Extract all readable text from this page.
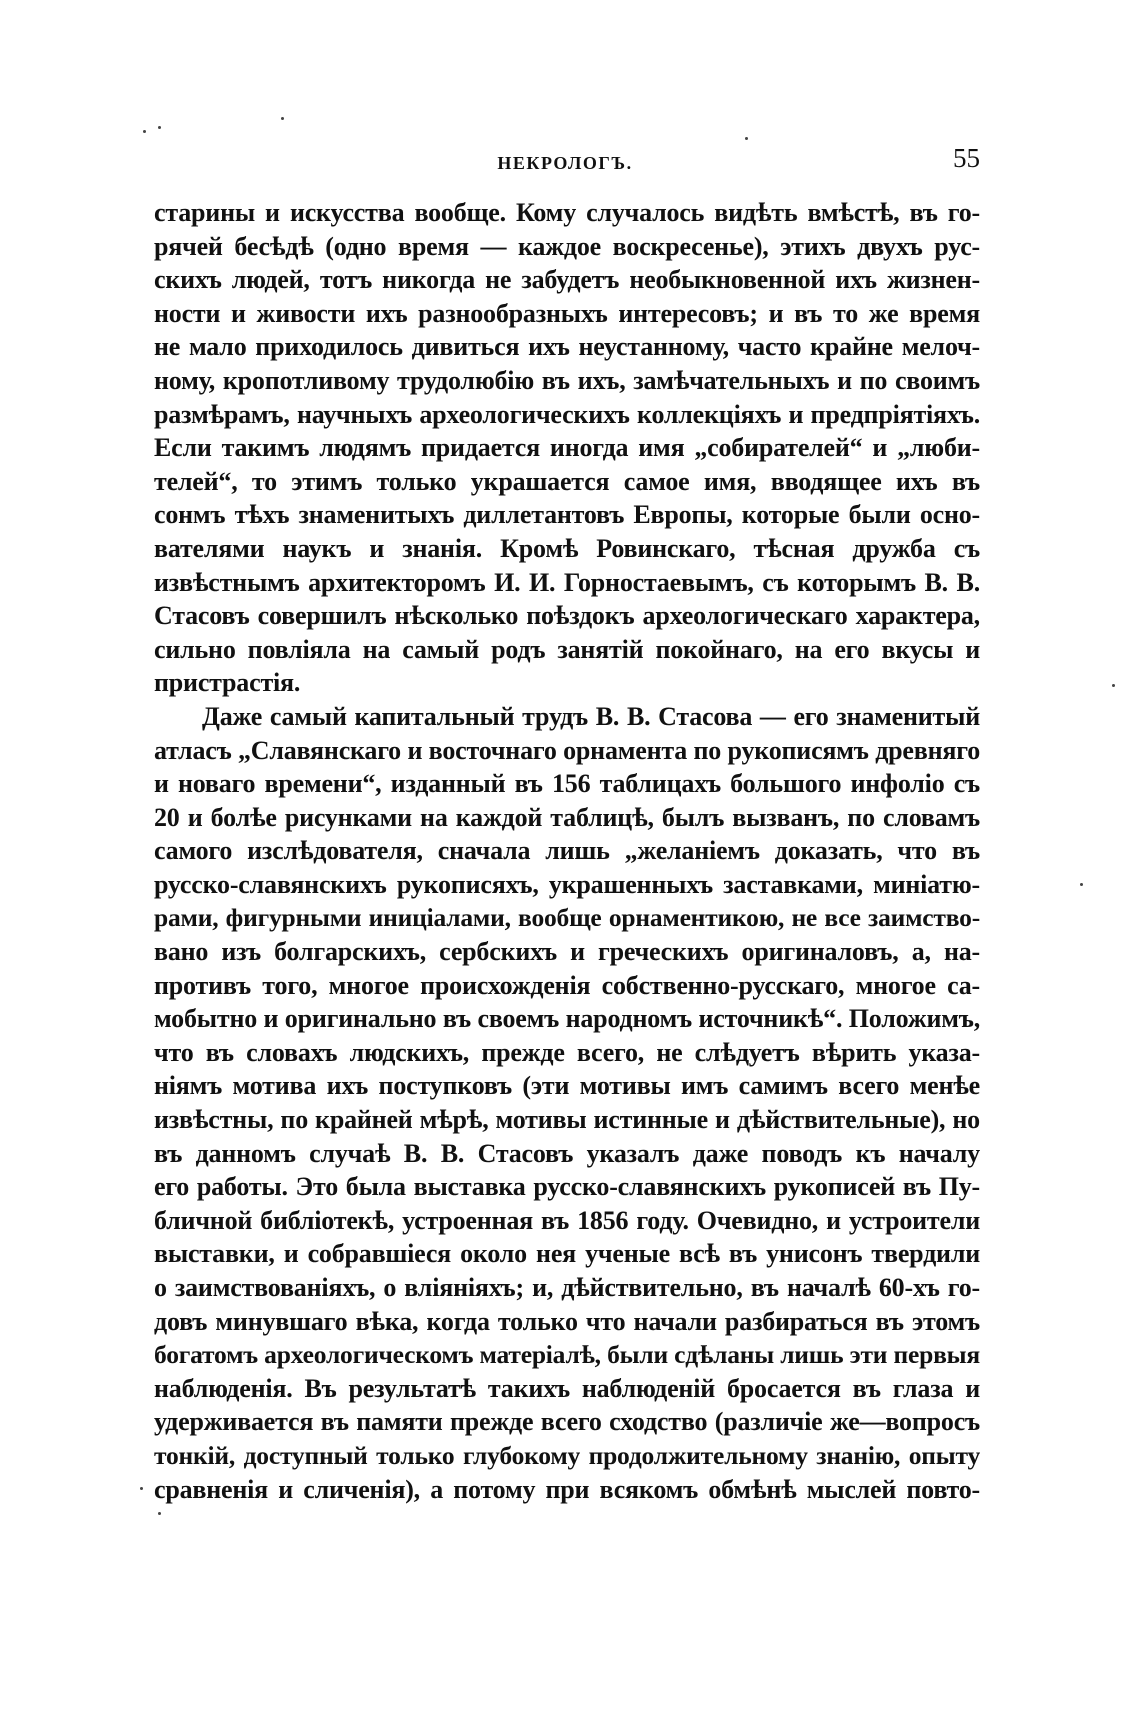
НЕКРОЛОГЪ.	55
старины и искусства вообще. Кому случалось видѣть вмѣстѣ, въ го-
рячей бесѣдѣ (одно время — каждое воскресенье), этихъ двухъ рус-
скихъ людей, тотъ никогда не забудетъ необыкновенной ихъ жизнен-
ности и живости ихъ разнообразныхъ интересовъ; и въ то же время
не мало приходилось дивиться ихъ неустанному, часто крайне мелоч-
ному, кропотливому трудолюбію въ ихъ, замѣчательныхъ и по своимъ
размѣрамъ, научныхъ археологическихъ коллекціяхъ и предпріятіяхъ.
Если такимъ людямъ придается иногда имя „собирателей“ и „люби-
телей“, то этимъ только украшается самое имя, вводящее ихъ въ
сонмъ тѣхъ знаменитыхъ диллетантовъ Европы, которые были осно-
вателями наукъ и знанія. Кромѣ Ровинскаго, тѣсная дружба съ
извѣстнымъ архитекторомъ И. И. Горностаевымъ, съ которымъ В. В.
Стасовъ совершилъ нѣсколько поѣздокъ археологическаго характера,
сильно повліяла на самый родъ занятій покойнаго, на его вкусы и
пристрастія.
Даже самый капитальный трудъ В. В. Стасова — его знаменитый
атласъ „Славянскаго и восточнаго орнамента по рукописямъ древняго
и новаго времени“, изданный въ 156 таблицахъ большого инфоліо съ
20 и болѣе рисунками на каждой таблицѣ, былъ вызванъ, по словамъ
самого изслѣдователя, сначала лишь „желаніемъ доказать, что въ
русско-славянскихъ рукописяхъ, украшенныхъ заставками, миніатю-
рами, фигурными иниціалами, вообще орнаментикою, не все заимство-
вано изъ болгарскихъ, сербскихъ и греческихъ оригиналовъ, а, на-
противъ того, многое происхожденія собственно-русскаго, многое са-
мобытно и оригинально въ своемъ народномъ источникѣ“. Положимъ,
что въ словахъ людскихъ, прежде всего, не слѣдуетъ вѣрить указа-
ніямъ мотива ихъ поступковъ (эти мотивы имъ самимъ всего менѣе
извѣстны, по крайней мѣрѣ, мотивы истинные и дѣйствительные), но
въ данномъ случаѣ В. В. Стасовъ указалъ даже поводъ къ началу
его работы. Это была выставка русско-славянскихъ рукописей въ Пу-
бличной библіотекѣ, устроенная въ 1856 году. Очевидно, и устроители
выставки, и собравшіеся около нея ученые всѣ въ унисонъ твердили
о заимствованіяхъ, о вліяніяхъ; и, дѣйствительно, въ началѣ 60-хъ го-
довъ минувшаго вѣка, когда только что начали разбираться въ этомъ
богатомъ археологическомъ матеріалѣ, были сдѣланы лишь эти первыя
наблюденія. Въ результатѣ такихъ наблюденій бросается въ глаза и
удерживается въ памяти прежде всего сходство (различіе же—вопросъ
тонкій, доступный только глубокому продолжительному знанію, опыту
сравненія и сличенія), а потому при всякомъ обмѣнѣ мыслей повто-
